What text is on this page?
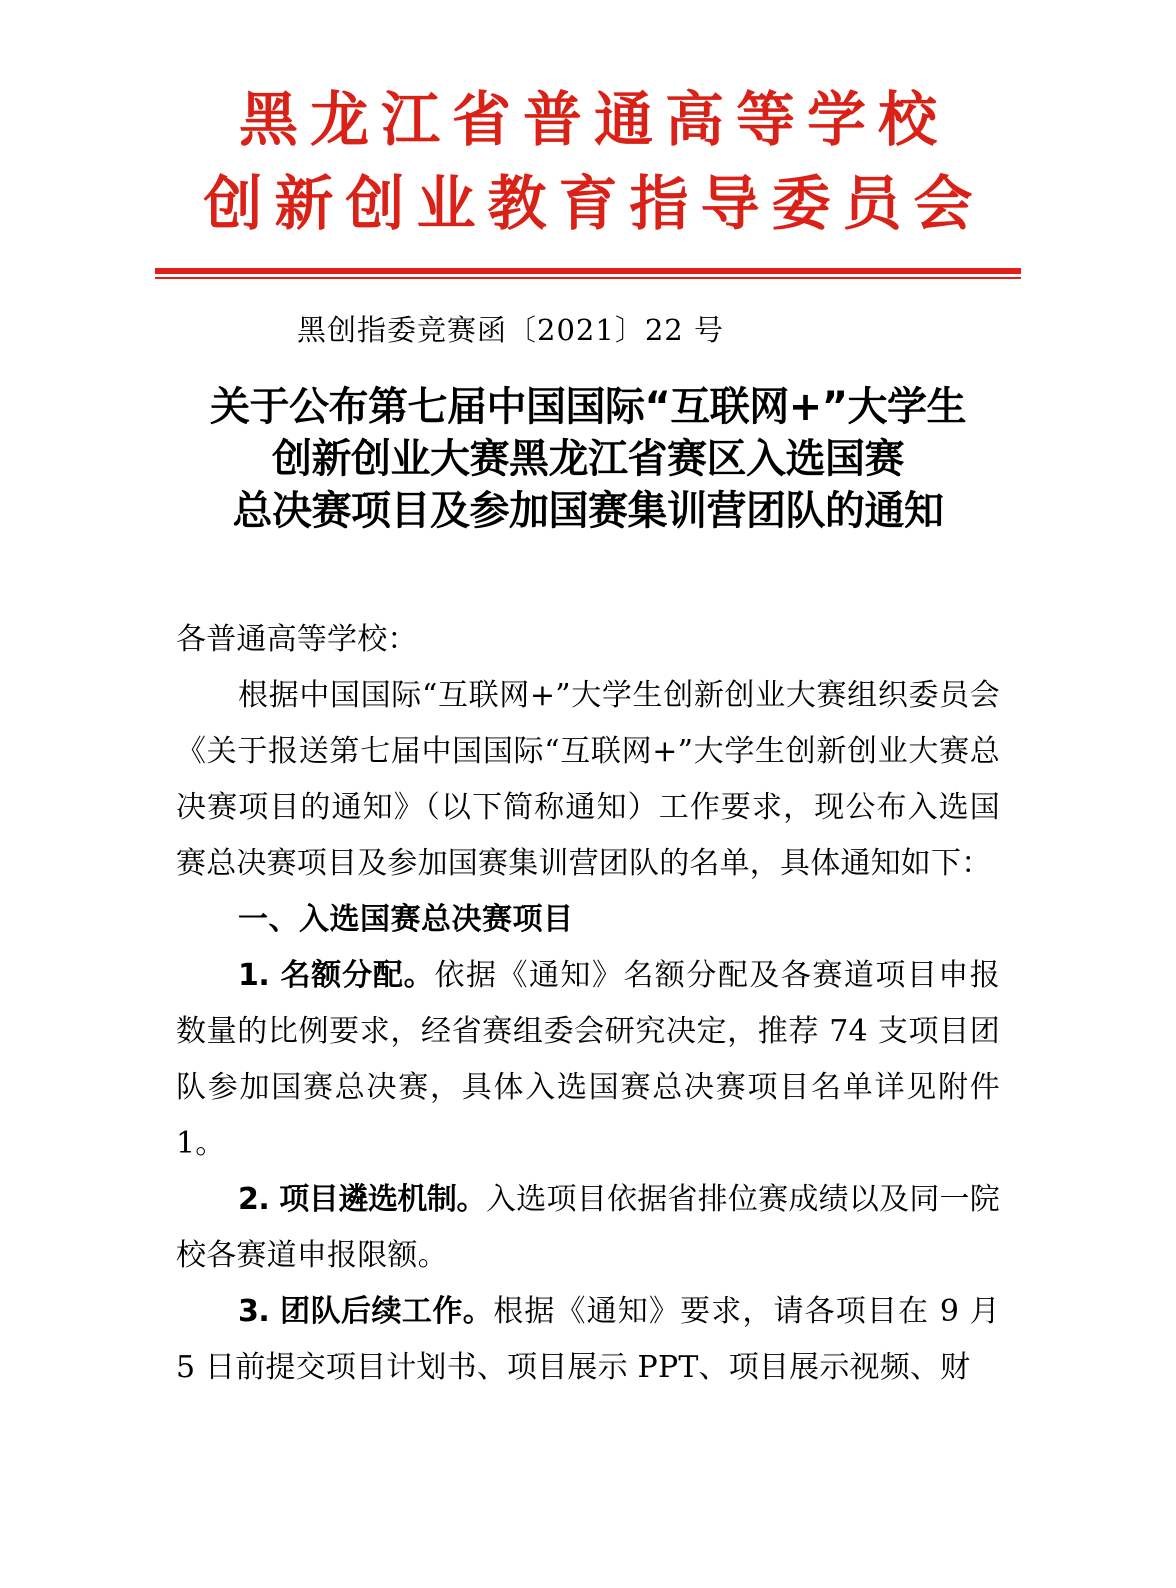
黑龙江省普通高等学校
创新创业教育指导委员会
黑创指委竞赛函〔2021〕22 号
关于公布第七届中国国际“互联网+”大学生
创新创业大赛黑龙江省赛区入选国赛
总决赛项目及参加国赛集训营团队的通知

各普通高等学校：

根据中国国际“互联网+”大学生创新创业大赛组织委员会《关于报送第七届中国国际“互联网+”大学生创新创业大赛总决赛项目的通知》（以下简称通知）工作要求，现公布入选国赛总决赛项目及参加国赛集训营团队的名单，具体通知如下：

一、入选国赛总决赛项目

1. 名额分配。依据《通知》名额分配及各赛道项目申报数量的比例要求，经省赛组委会研究决定，推荐 74 支项目团队参加国赛总决赛，具体入选国赛总决赛项目名单详见附件 1。

2. 项目遴选机制。入选项目依据省排位赛成绩以及同一院校各赛道申报限额。

3. 团队后续工作。根据《通知》要求，请各项目在 9 月 5 日前提交项目计划书、项目展示 PPT、项目展示视频、财
